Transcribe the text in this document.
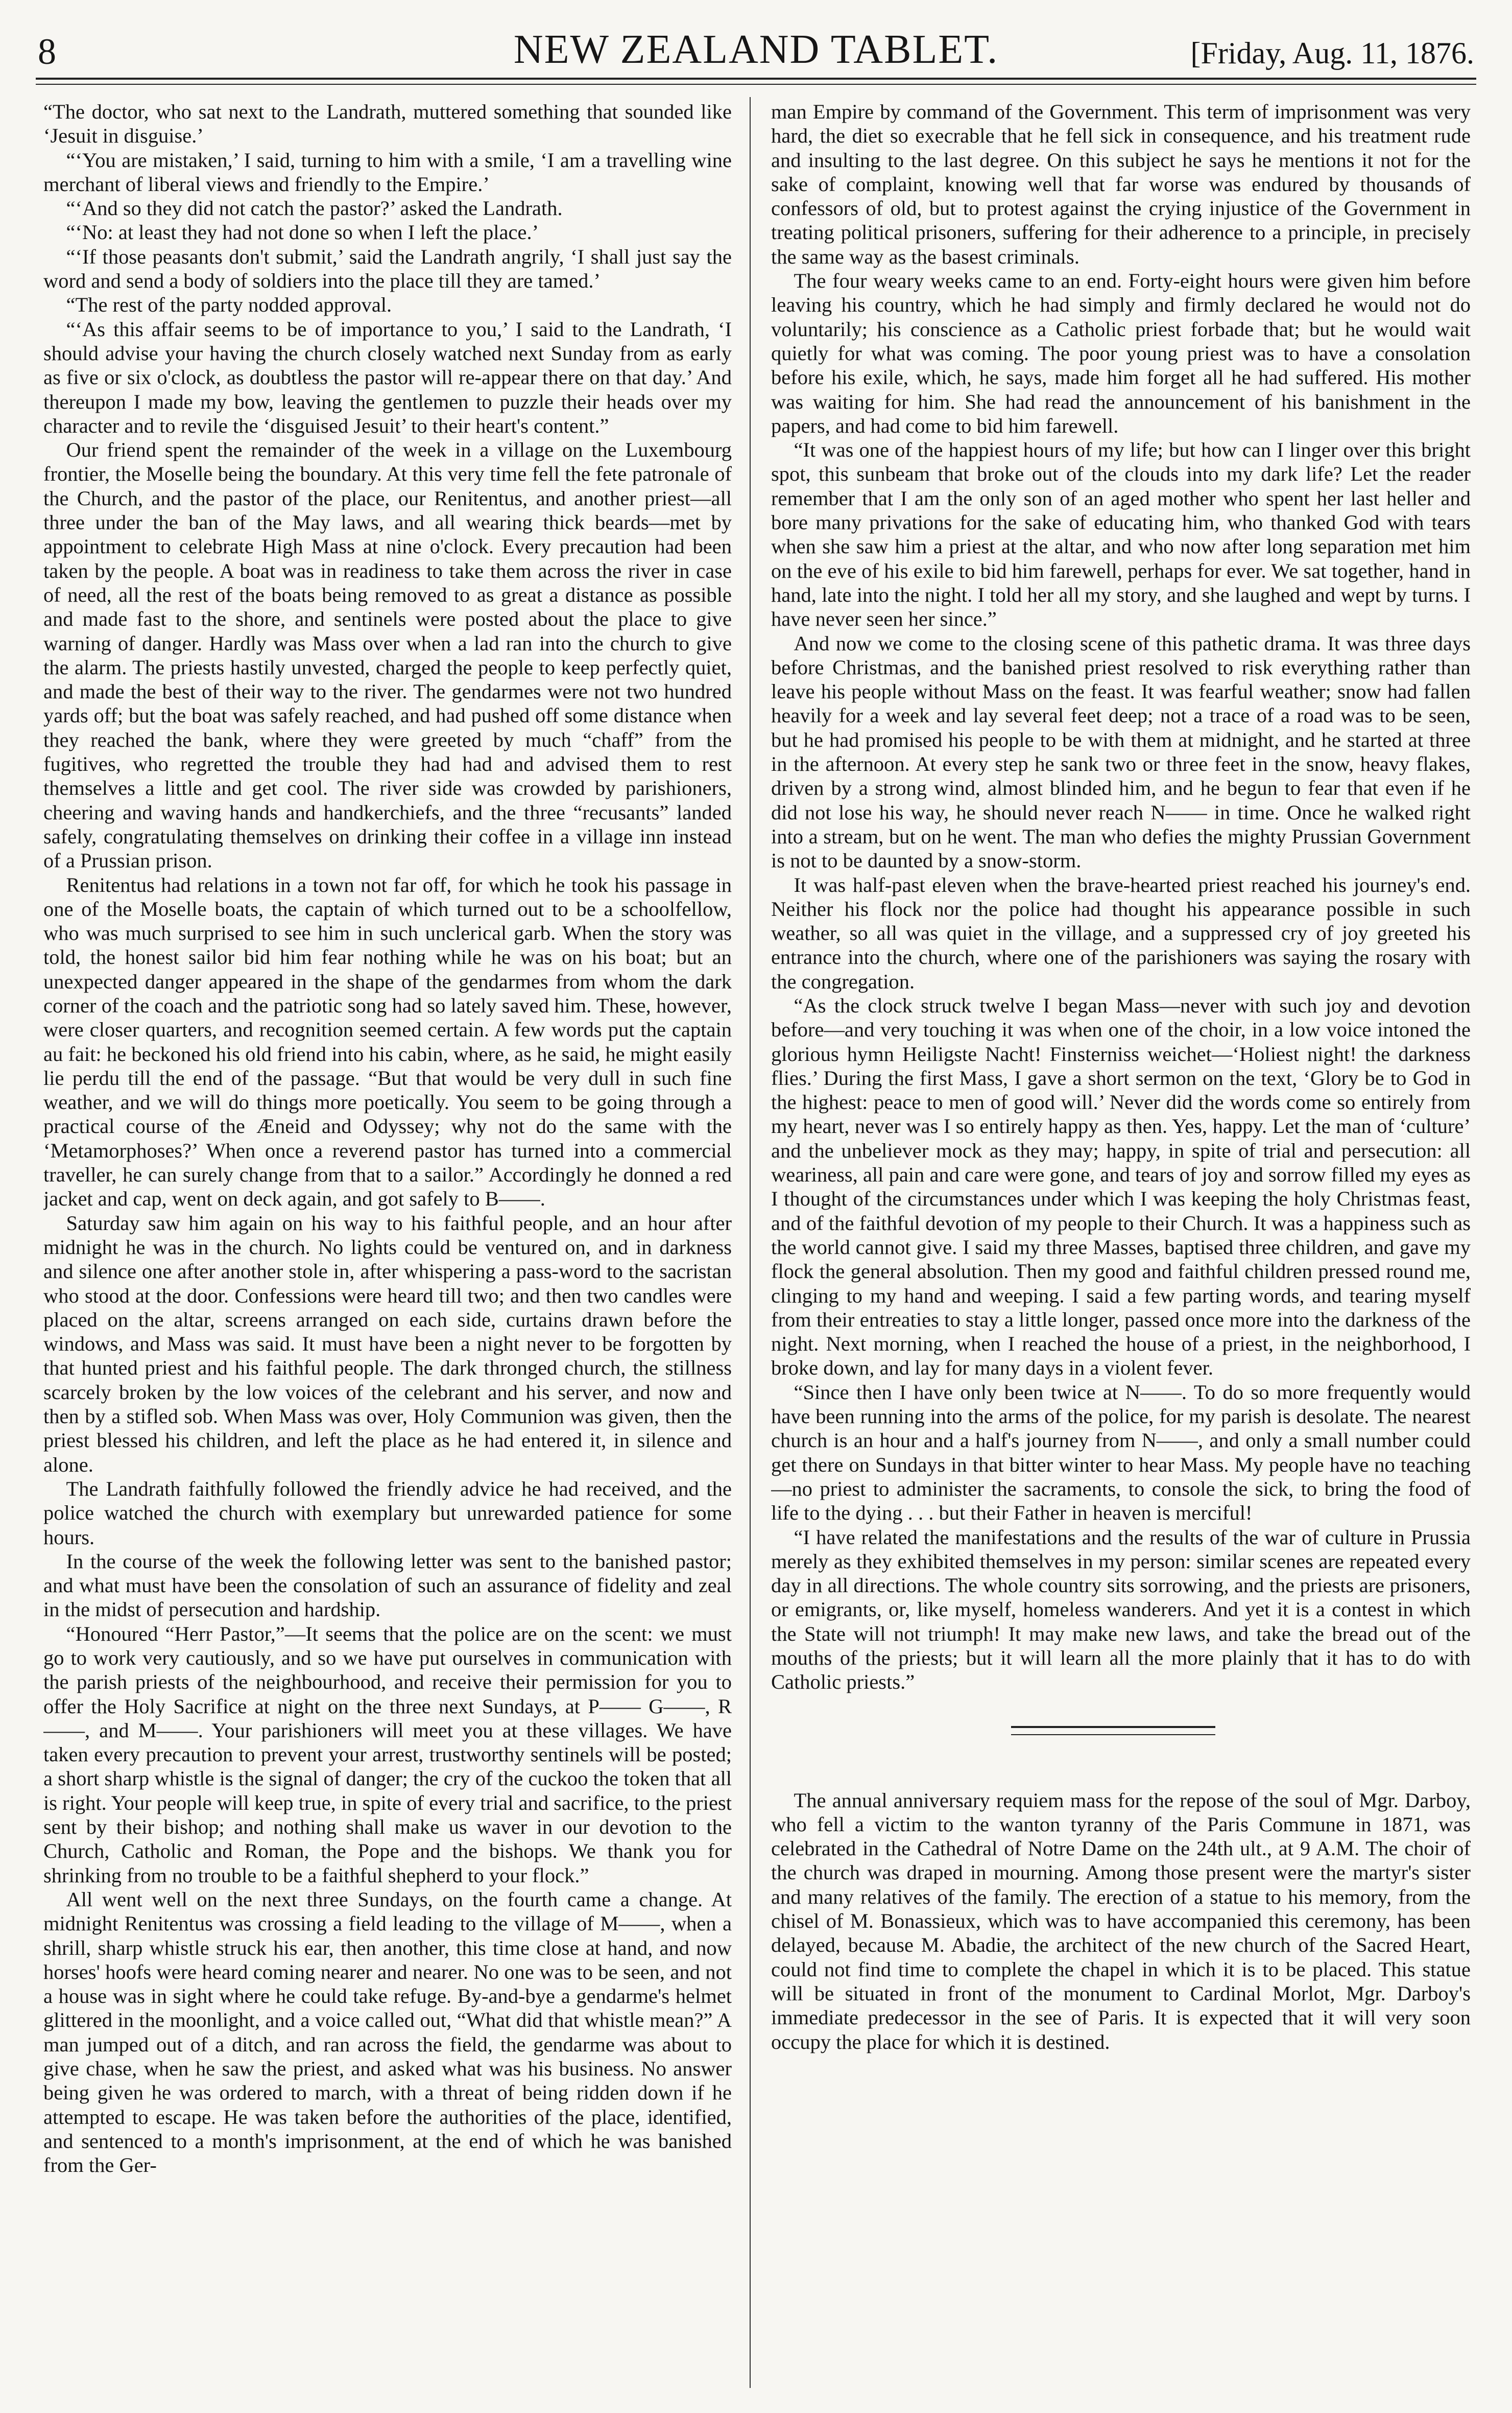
8	NEW ZEALAND TABLET.	[Friday, Aug. 11, 1876.

“The doctor, who sat next to the Landrath, muttered something that sounded like ‘Jesuit in disguise.’

“‘You are mistaken,’ I said, turning to him with a smile, ‘I am a travelling wine merchant of liberal views and friendly to the Empire.’

“‘And so they did not catch the pastor?’ asked the Landrath.

“‘No: at least they had not done so when I left the place.’

“‘If those peasants don't submit,’ said the Landrath angrily, ‘I shall just say the word and send a body of soldiers into the place till they are tamed.’

“The rest of the party nodded approval.

“‘As this affair seems to be of importance to you,’ I said to the Landrath, ‘I should advise your having the church closely watched next Sunday from as early as five or six o'clock, as doubtless the pastor will re-appear there on that day.’ And thereupon I made my bow, leaving the gentlemen to puzzle their heads over my character and to revile the ‘disguised Jesuit’ to their heart's content.”

Our friend spent the remainder of the week in a village on the Luxembourg frontier, the Moselle being the boundary. At this very time fell the fete patronale of the Church, and the pastor of the place, our Renitentus, and another priest—all three under the ban of the May laws, and all wearing thick beards—met by appointment to celebrate High Mass at nine o'clock. Every precaution had been taken by the people. A boat was in readiness to take them across the river in case of need, all the rest of the boats being removed to as great a distance as possible and made fast to the shore, and sentinels were posted about the place to give warning of danger. Hardly was Mass over when a lad ran into the church to give the alarm. The priests hastily unvested, charged the people to keep perfectly quiet, and made the best of their way to the river. The gendarmes were not two hundred yards off; but the boat was safely reached, and had pushed off some distance when they reached the bank, where they were greeted by much “chaff” from the fugitives, who regretted the trouble they had had and advised them to rest themselves a little and get cool. The river side was crowded by parishioners, cheering and waving hands and handkerchiefs, and the three “recusants” landed safely, congratulating themselves on drinking their coffee in a village inn instead of a Prussian prison.

Renitentus had relations in a town not far off, for which he took his passage in one of the Moselle boats, the captain of which turned out to be a schoolfellow, who was much surprised to see him in such unclerical garb. When the story was told, the honest sailor bid him fear nothing while he was on his boat; but an unexpected danger appeared in the shape of the gendarmes from whom the dark corner of the coach and the patriotic song had so lately saved him. These, however, were closer quarters, and recognition seemed certain. A few words put the captain au fait: he beckoned his old friend into his cabin, where, as he said, he might easily lie perdu till the end of the passage. “But that would be very dull in such fine weather, and we will do things more poetically. You seem to be going through a practical course of the Æneid and Odyssey; why not do the same with the ‘Metamorphoses?’ When once a reverend pastor has turned into a commercial traveller, he can surely change from that to a sailor.” Accordingly he donned a red jacket and cap, went on deck again, and got safely to B——.

Saturday saw him again on his way to his faithful people, and an hour after midnight he was in the church. No lights could be ventured on, and in darkness and silence one after another stole in, after whispering a pass-word to the sacristan who stood at the door. Confessions were heard till two; and then two candles were placed on the altar, screens arranged on each side, curtains drawn before the windows, and Mass was said. It must have been a night never to be forgotten by that hunted priest and his faithful people. The dark thronged church, the stillness scarcely broken by the low voices of the celebrant and his server, and now and then by a stifled sob. When Mass was over, Holy Communion was given, then the priest blessed his children, and left the place as he had entered it, in silence and alone.

The Landrath faithfully followed the friendly advice he had received, and the police watched the church with exemplary but unrewarded patience for some hours.

In the course of the week the following letter was sent to the banished pastor; and what must have been the consolation of such an assurance of fidelity and zeal in the midst of persecution and hardship.

“Honoured “Herr Pastor,”—It seems that the police are on the scent: we must go to work very cautiously, and so we have put ourselves in communication with the parish priests of the neighbourhood, and receive their permission for you to offer the Holy Sacrifice at night on the three next Sundays, at P—— G——, R——, and M——. Your parishioners will meet you at these villages. We have taken every precaution to prevent your arrest, trustworthy sentinels will be posted; a short sharp whistle is the signal of danger; the cry of the cuckoo the token that all is right. Your people will keep true, in spite of every trial and sacrifice, to the priest sent by their bishop; and nothing shall make us waver in our devotion to the Church, Catholic and Roman, the Pope and the bishops. We thank you for shrinking from no trouble to be a faithful shepherd to your flock.”

All went well on the next three Sundays, on the fourth came a change. At midnight Renitentus was crossing a field leading to the village of M——, when a shrill, sharp whistle struck his ear, then another, this time close at hand, and now horses' hoofs were heard coming nearer and nearer. No one was to be seen, and not a house was in sight where he could take refuge. By-and-bye a gendarme's helmet glittered in the moonlight, and a voice called out, “What did that whistle mean?” A man jumped out of a ditch, and ran across the field, the gendarme was about to give chase, when he saw the priest, and asked what was his business. No answer being given he was ordered to march, with a threat of being ridden down if he attempted to escape. He was taken before the authorities of the place, identified, and sentenced to a month's imprisonment, at the end of which he was banished from the Ger-

man Empire by command of the Government. This term of imprisonment was very hard, the diet so execrable that he fell sick in consequence, and his treatment rude and insulting to the last degree. On this subject he says he mentions it not for the sake of complaint, knowing well that far worse was endured by thousands of confessors of old, but to protest against the crying injustice of the Government in treating political prisoners, suffering for their adherence to a principle, in precisely the same way as the basest criminals.

The four weary weeks came to an end. Forty-eight hours were given him before leaving his country, which he had simply and firmly declared he would not do voluntarily; his conscience as a Catholic priest forbade that; but he would wait quietly for what was coming. The poor young priest was to have a consolation before his exile, which, he says, made him forget all he had suffered. His mother was waiting for him. She had read the announcement of his banishment in the papers, and had come to bid him farewell.

“It was one of the happiest hours of my life; but how can I linger over this bright spot, this sunbeam that broke out of the clouds into my dark life? Let the reader remember that I am the only son of an aged mother who spent her last heller and bore many privations for the sake of educating him, who thanked God with tears when she saw him a priest at the altar, and who now after long separation met him on the eve of his exile to bid him farewell, perhaps for ever. We sat together, hand in hand, late into the night. I told her all my story, and she laughed and wept by turns. I have never seen her since.”

And now we come to the closing scene of this pathetic drama. It was three days before Christmas, and the banished priest resolved to risk everything rather than leave his people without Mass on the feast. It was fearful weather; snow had fallen heavily for a week and lay several feet deep; not a trace of a road was to be seen, but he had promised his people to be with them at midnight, and he started at three in the afternoon. At every step he sank two or three feet in the snow, heavy flakes, driven by a strong wind, almost blinded him, and he begun to fear that even if he did not lose his way, he should never reach N—— in time. Once he walked right into a stream, but on he went. The man who defies the mighty Prussian Government is not to be daunted by a snow-storm.

It was half-past eleven when the brave-hearted priest reached his journey's end. Neither his flock nor the police had thought his appearance possible in such weather, so all was quiet in the village, and a suppressed cry of joy greeted his entrance into the church, where one of the parishioners was saying the rosary with the congregation.

“As the clock struck twelve I began Mass—never with such joy and devotion before—and very touching it was when one of the choir, in a low voice intoned the glorious hymn Heiligste Nacht! Finsterniss weichet—‘Holiest night! the darkness flies.’ During the first Mass, I gave a short sermon on the text, ‘Glory be to God in the highest: peace to men of good will.’ Never did the words come so entirely from my heart, never was I so entirely happy as then. Yes, happy. Let the man of ‘culture’ and the unbeliever mock as they may; happy, in spite of trial and persecution: all weariness, all pain and care were gone, and tears of joy and sorrow filled my eyes as I thought of the circumstances under which I was keeping the holy Christmas feast, and of the faithful devotion of my people to their Church. It was a happiness such as the world cannot give. I said my three Masses, baptised three children, and gave my flock the general absolution. Then my good and faithful children pressed round me, clinging to my hand and weeping. I said a few parting words, and tearing myself from their entreaties to stay a little longer, passed once more into the darkness of the night. Next morning, when I reached the house of a priest, in the neighborhood, I broke down, and lay for many days in a violent fever.

“Since then I have only been twice at N——. To do so more frequently would have been running into the arms of the police, for my parish is desolate. The nearest church is an hour and a half's journey from N——, and only a small number could get there on Sundays in that bitter winter to hear Mass. My people have no teaching—no priest to administer the sacraments, to console the sick, to bring the food of life to the dying . . . but their Father in heaven is merciful!

“I have related the manifestations and the results of the war of culture in Prussia merely as they exhibited themselves in my person: similar scenes are repeated every day in all directions. The whole country sits sorrowing, and the priests are prisoners, or emigrants, or, like myself, homeless wanderers. And yet it is a contest in which the State will not triumph! It may make new laws, and take the bread out of the mouths of the priests; but it will learn all the more plainly that it has to do with Catholic priests.”

The annual anniversary requiem mass for the repose of the soul of Mgr. Darboy, who fell a victim to the wanton tyranny of the Paris Commune in 1871, was celebrated in the Cathedral of Notre Dame on the 24th ult., at 9 A.M. The choir of the church was draped in mourning. Among those present were the martyr's sister and many relatives of the family. The erection of a statue to his memory, from the chisel of M. Bonassieux, which was to have accompanied this ceremony, has been delayed, because M. Abadie, the architect of the new church of the Sacred Heart, could not find time to complete the chapel in which it is to be placed. This statue will be situated in front of the monument to Cardinal Morlot, Mgr. Darboy's immediate predecessor in the see of Paris. It is expected that it will very soon occupy the place for which it is destined.
